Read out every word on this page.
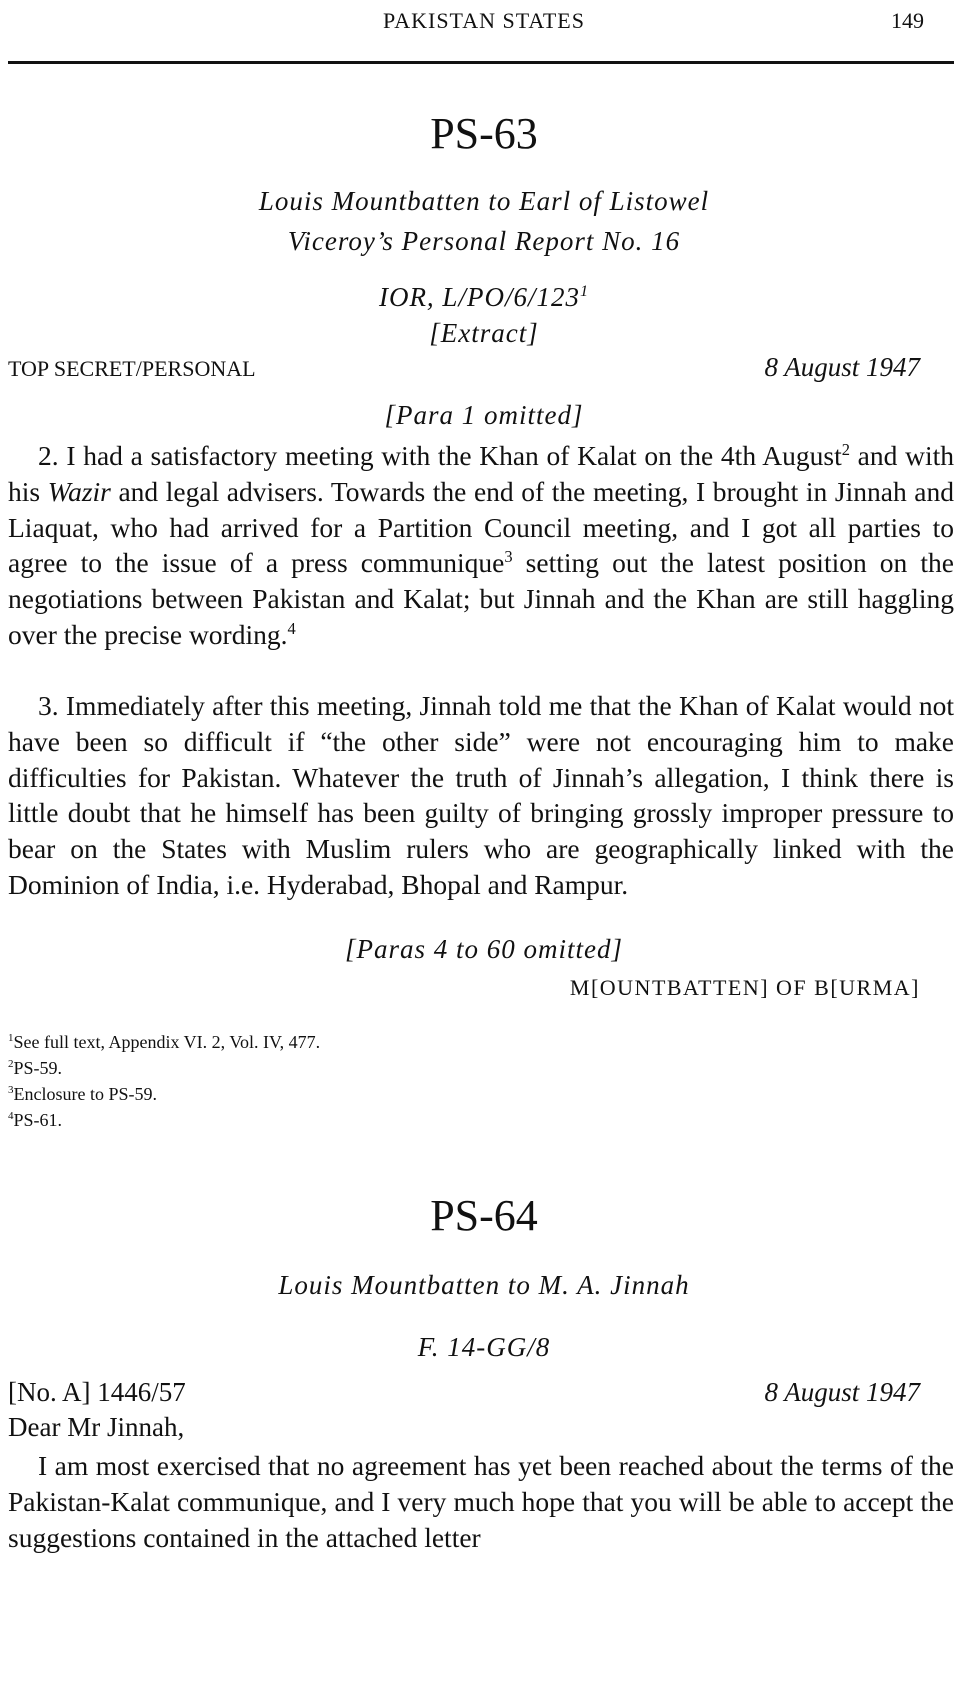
PAKISTAN STATES	149
PS-63
Louis Mountbatten to Earl of Listowel
Viceroy’s Personal Report No. 16
IOR, $L/PO/6/123^1$
[Extract]
TOP SECRET/PERSONAL	8 August 1947
[Para 1 omitted]

2. I had a satisfactory meeting with the Khan of Kalat on the 4th August$^2$ and with his Wazir and legal advisers. Towards the end of the meeting, I brought in Jinnah and Liaquat, who had arrived for a Partition Council meeting, and I got all parties to agree to the issue of a press communique$^3$ setting out the latest position on the negotiations between Pakistan and Kalat; but Jinnah and the Khan are still haggling over the precise wording.$^4$

3. Immediately after this meeting, Jinnah told me that the Khan of Kalat would not have been so difficult if “the other side” were not encouraging him to make difficulties for Pakistan. Whatever the truth of Jinnah’s allegation, I think there is little doubt that he himself has been guilty of bringing grossly improper pressure to bear on the States with Muslim rulers who are geographically linked with the Dominion of India, i.e. Hyderabad, Bhopal and Rampur.

[Paras 4 to 60 omitted]
M[OUNTBATTEN] OF B[URMA]
$^1$See full text, Appendix VI. 2, Vol. IV, 477.
$^2$PS-59.
$^3$Enclosure to PS-59.
$^4$PS-61.
PS-64
Louis Mountbatten to M. A. Jinnah
F. 14-GG/8
[No. A] 1446/57	8 August 1947
Dear Mr Jinnah,

I am most exercised that no agreement has yet been reached about the terms of the Pakistan-Kalat communique, and I very much hope that you will be able to accept the suggestions contained in the attached letter
